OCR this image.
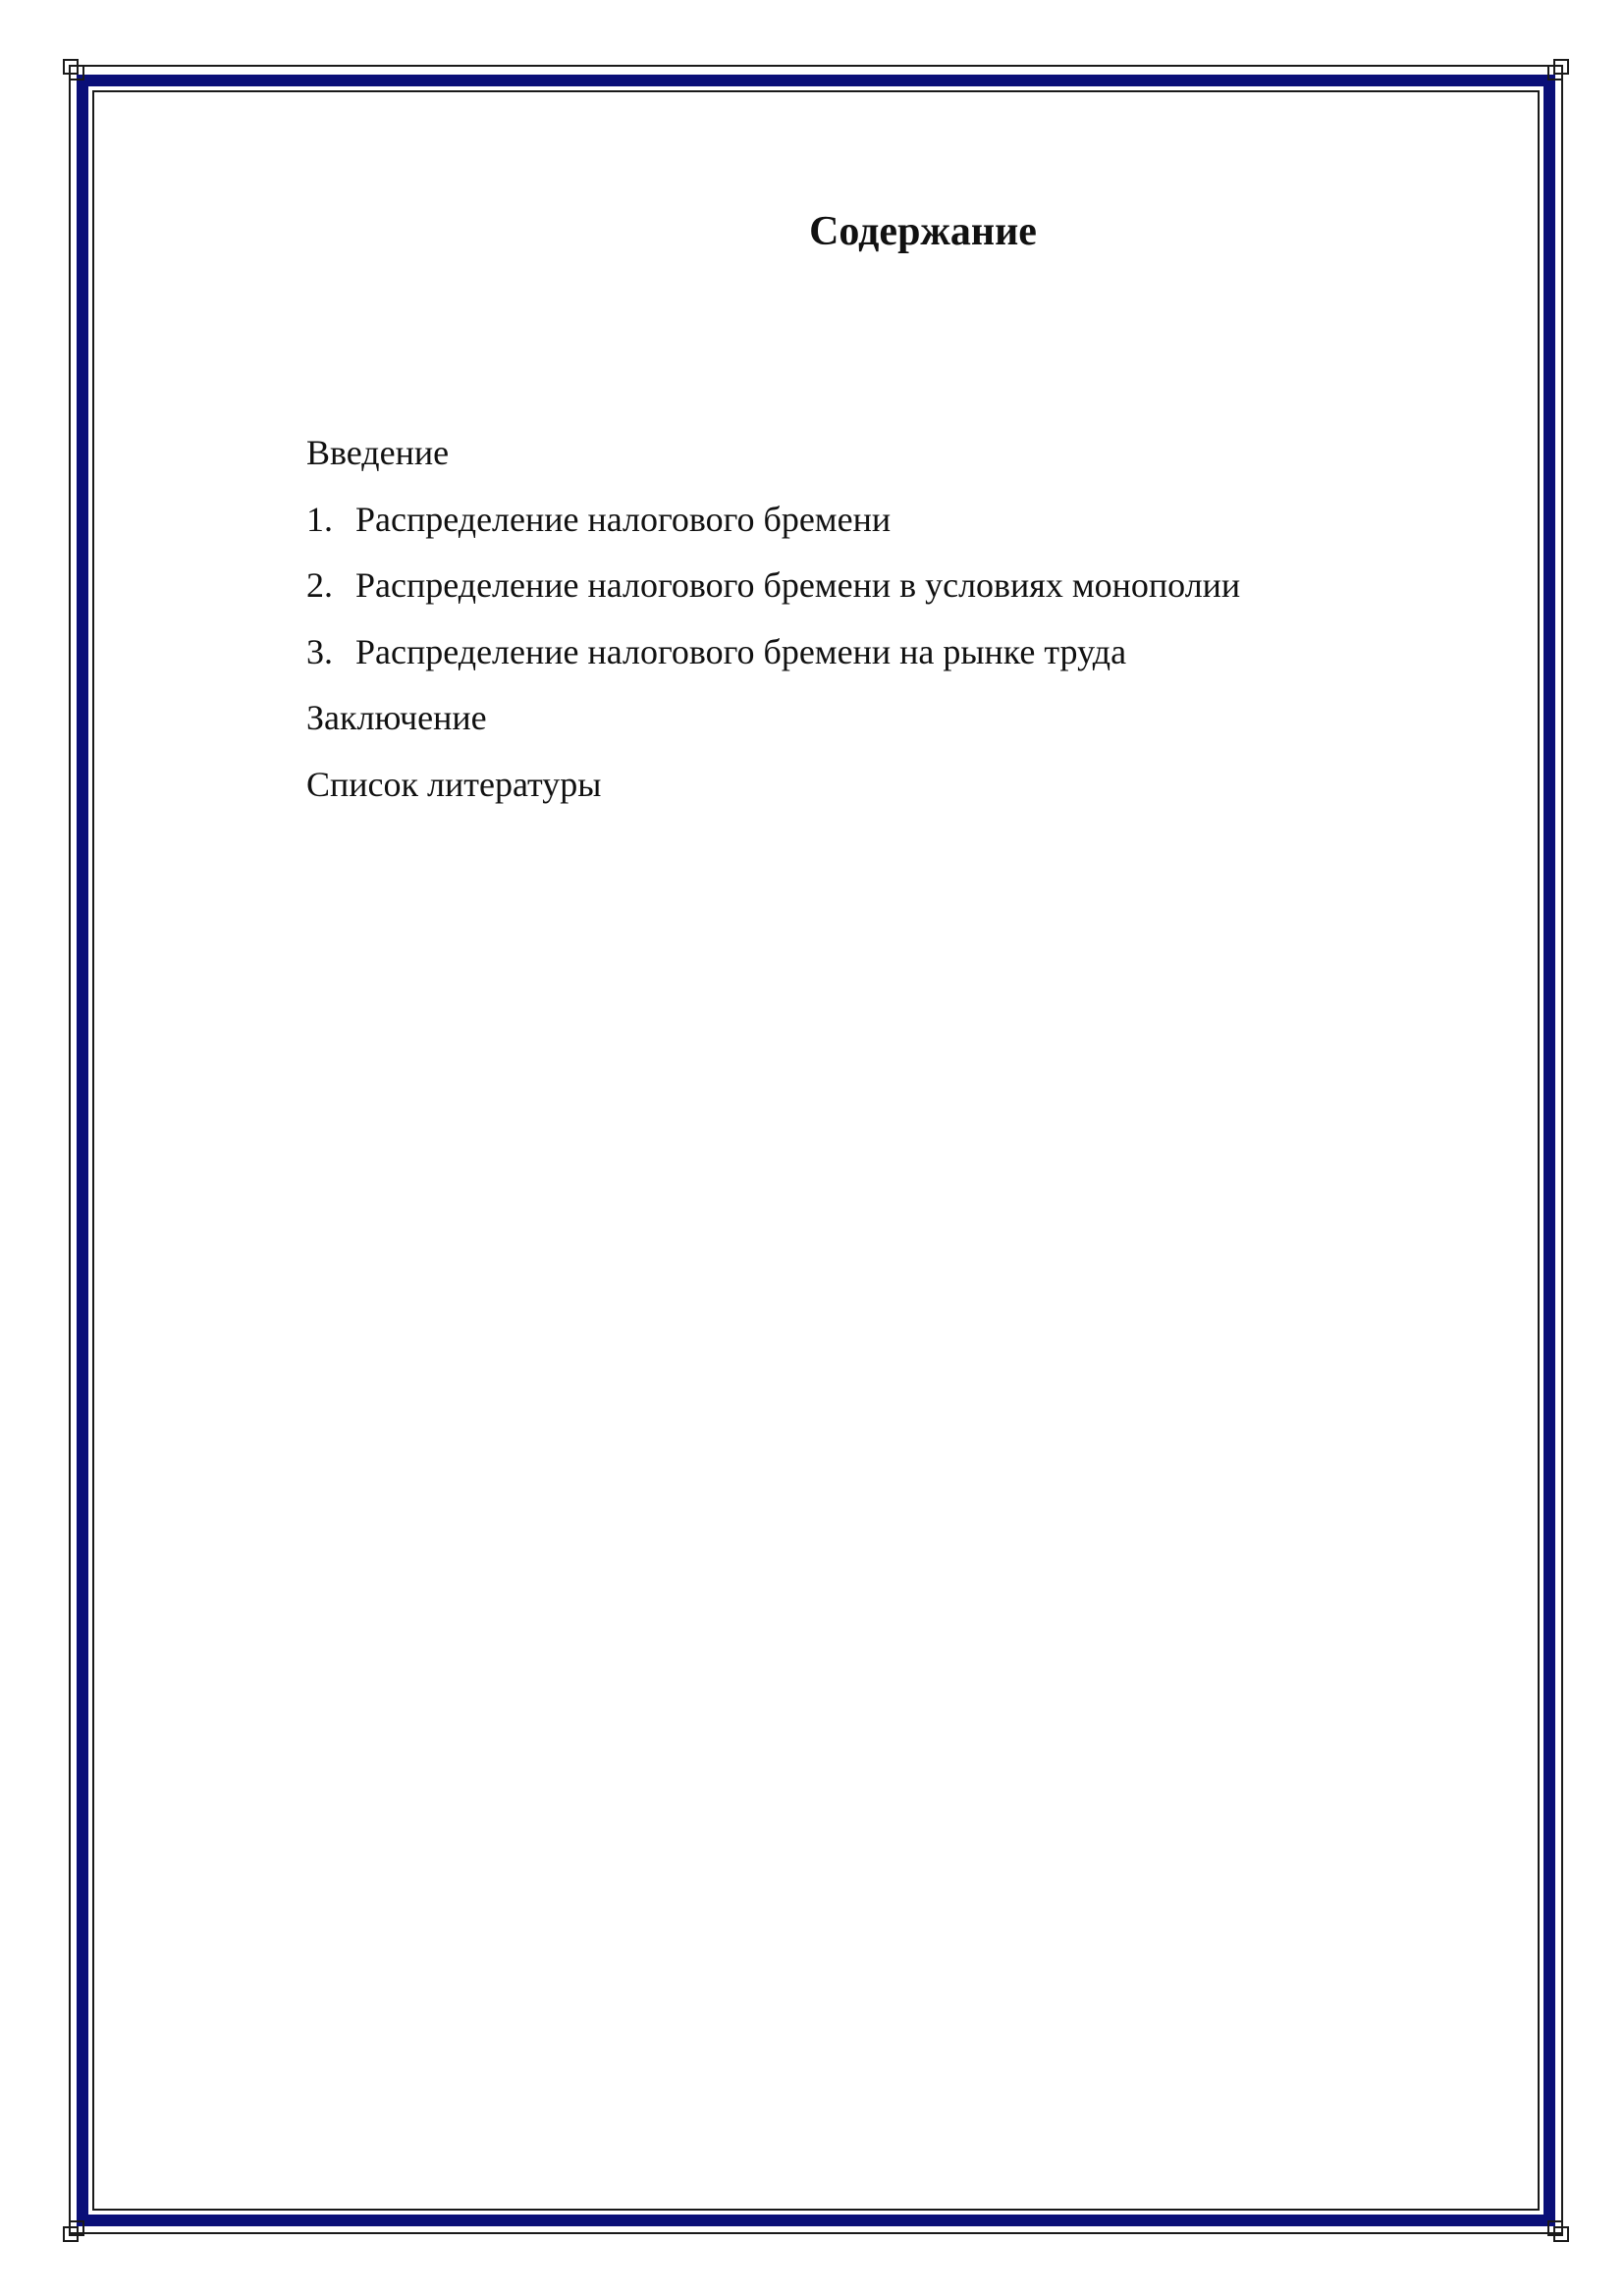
Содержание
Введение
1. Распределение налогового бремени
2. Распределение налогового бремени в условиях монополии
3. Распределение налогового бремени на рынке труда
Заключение
Список литературы
